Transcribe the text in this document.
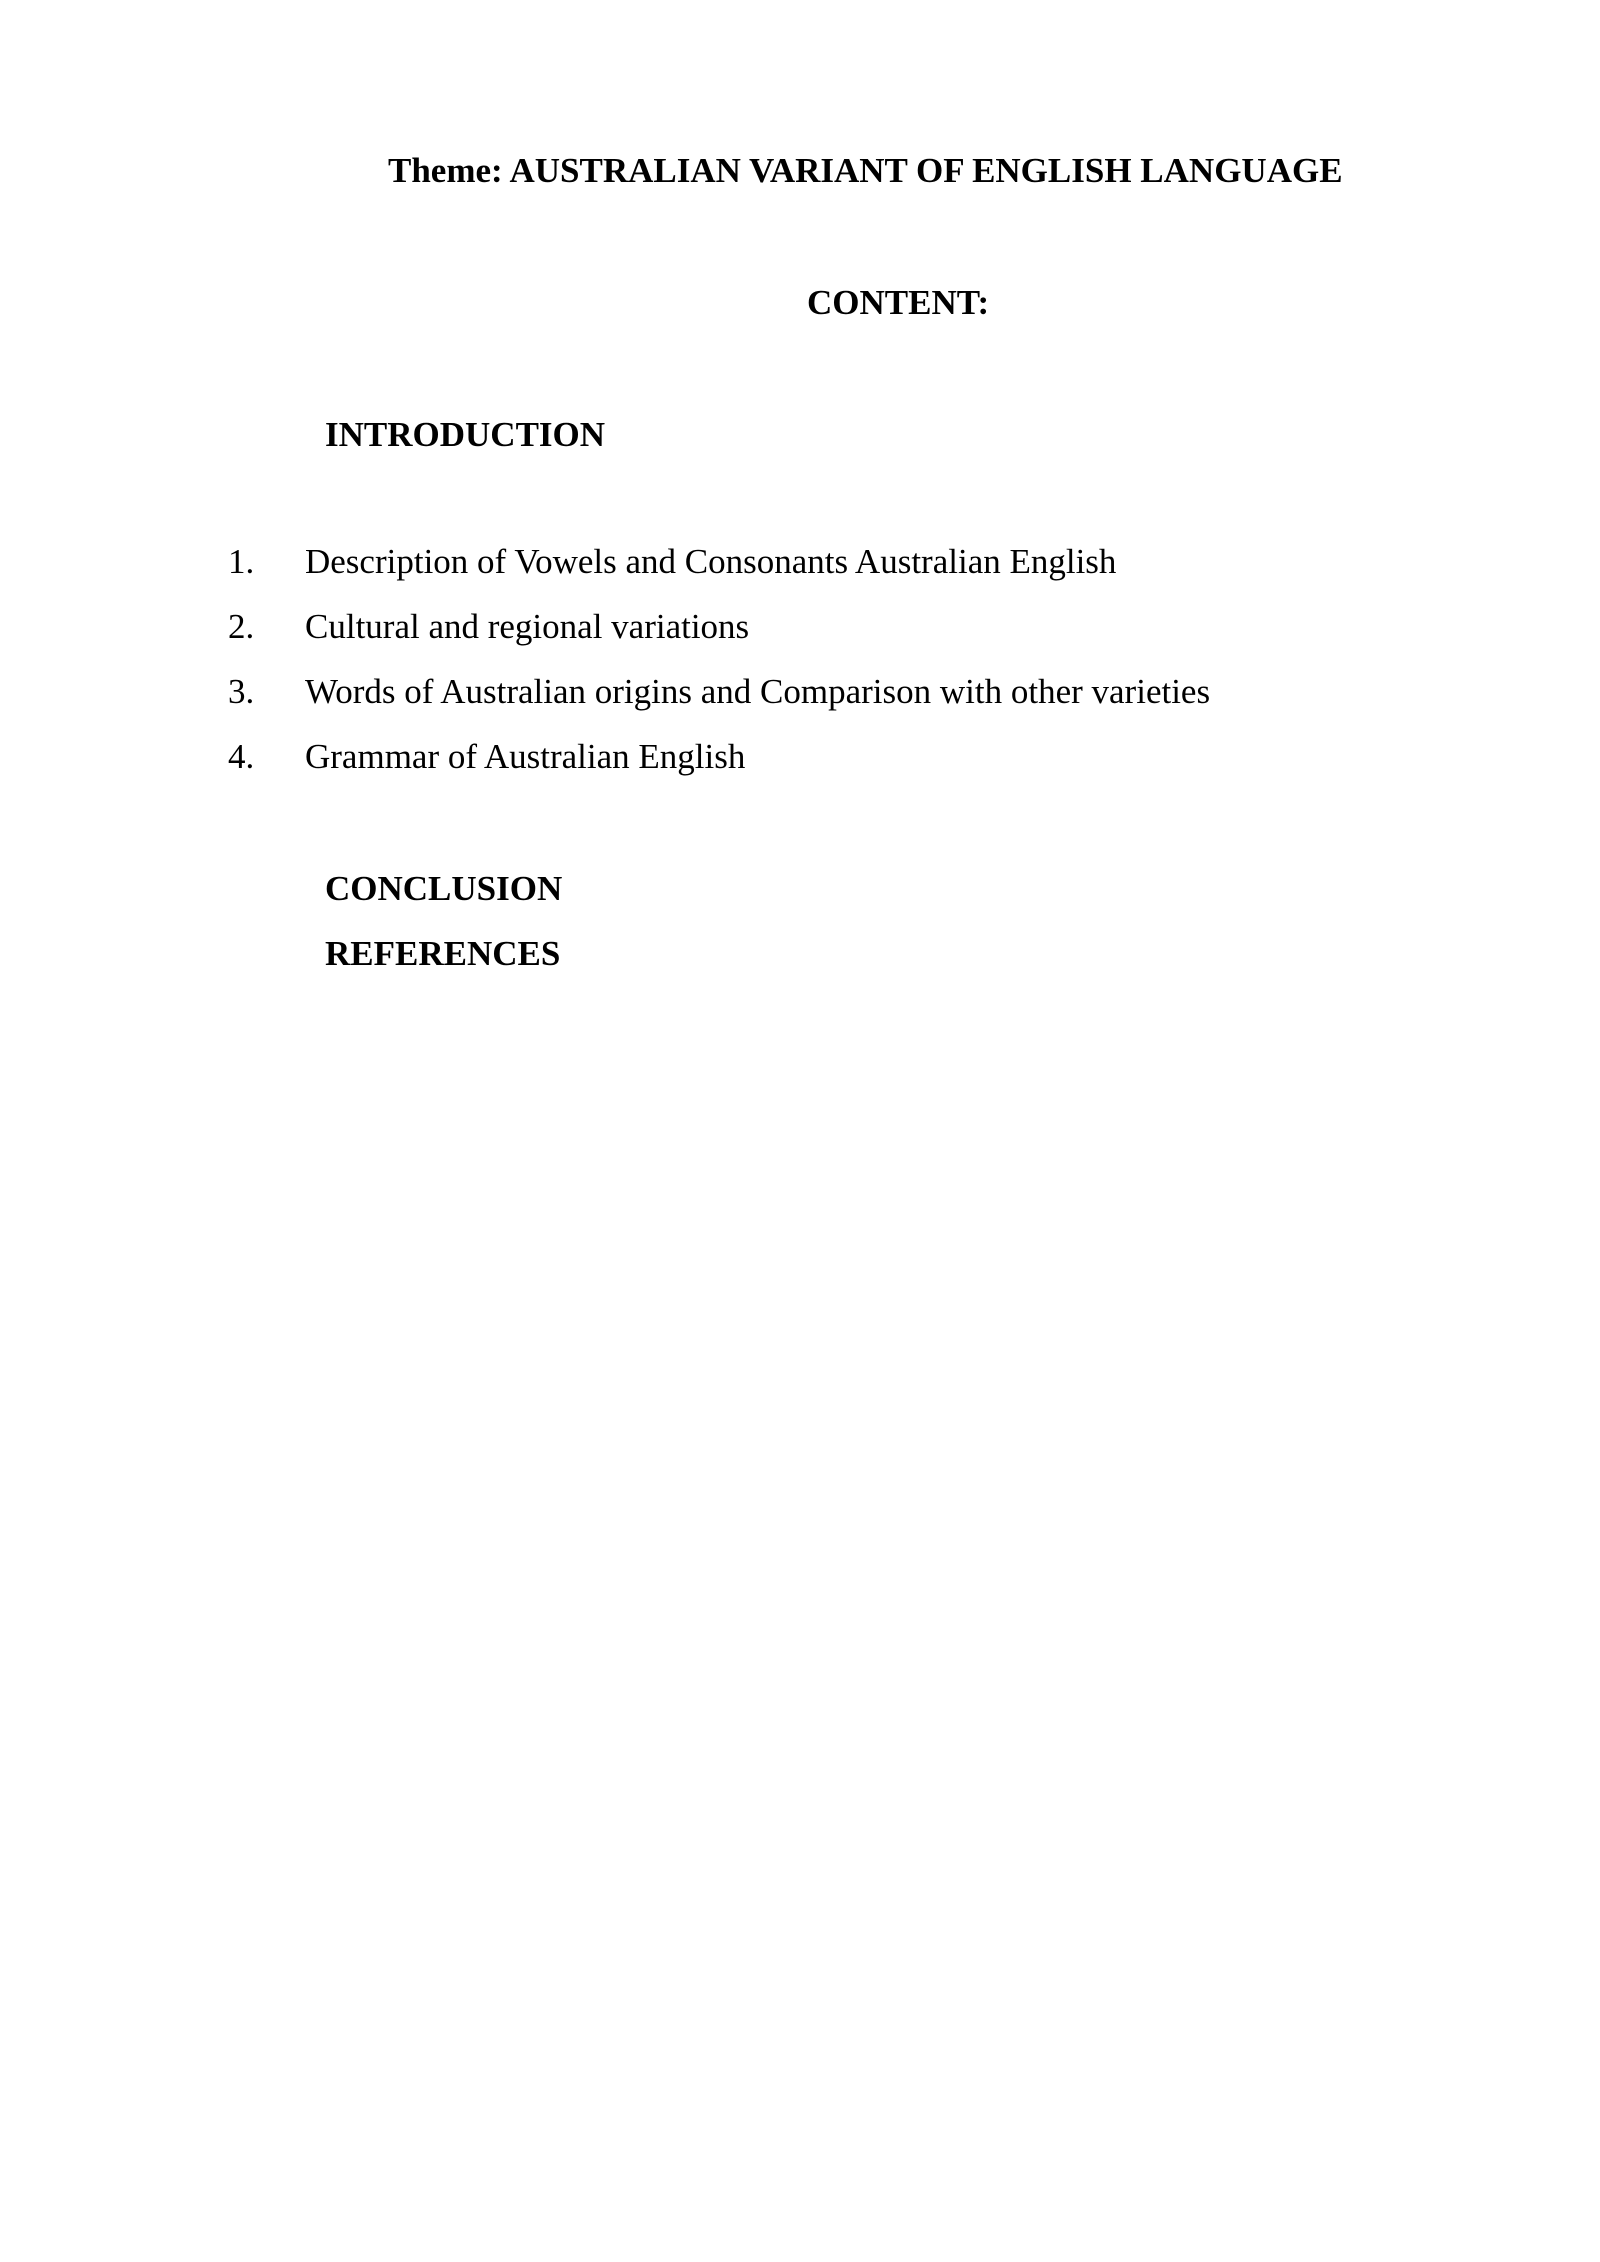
Theme: AUSTRALIAN VARIANT OF ENGLISH LANGUAGE
CONTENT:
INTRODUCTION
1.	Description of Vowels and Consonants Australian English
2.	Cultural and regional variations
3.	Words of Australian origins and Comparison with other varieties
4.	Grammar of Australian English
CONCLUSION
REFERENCES
